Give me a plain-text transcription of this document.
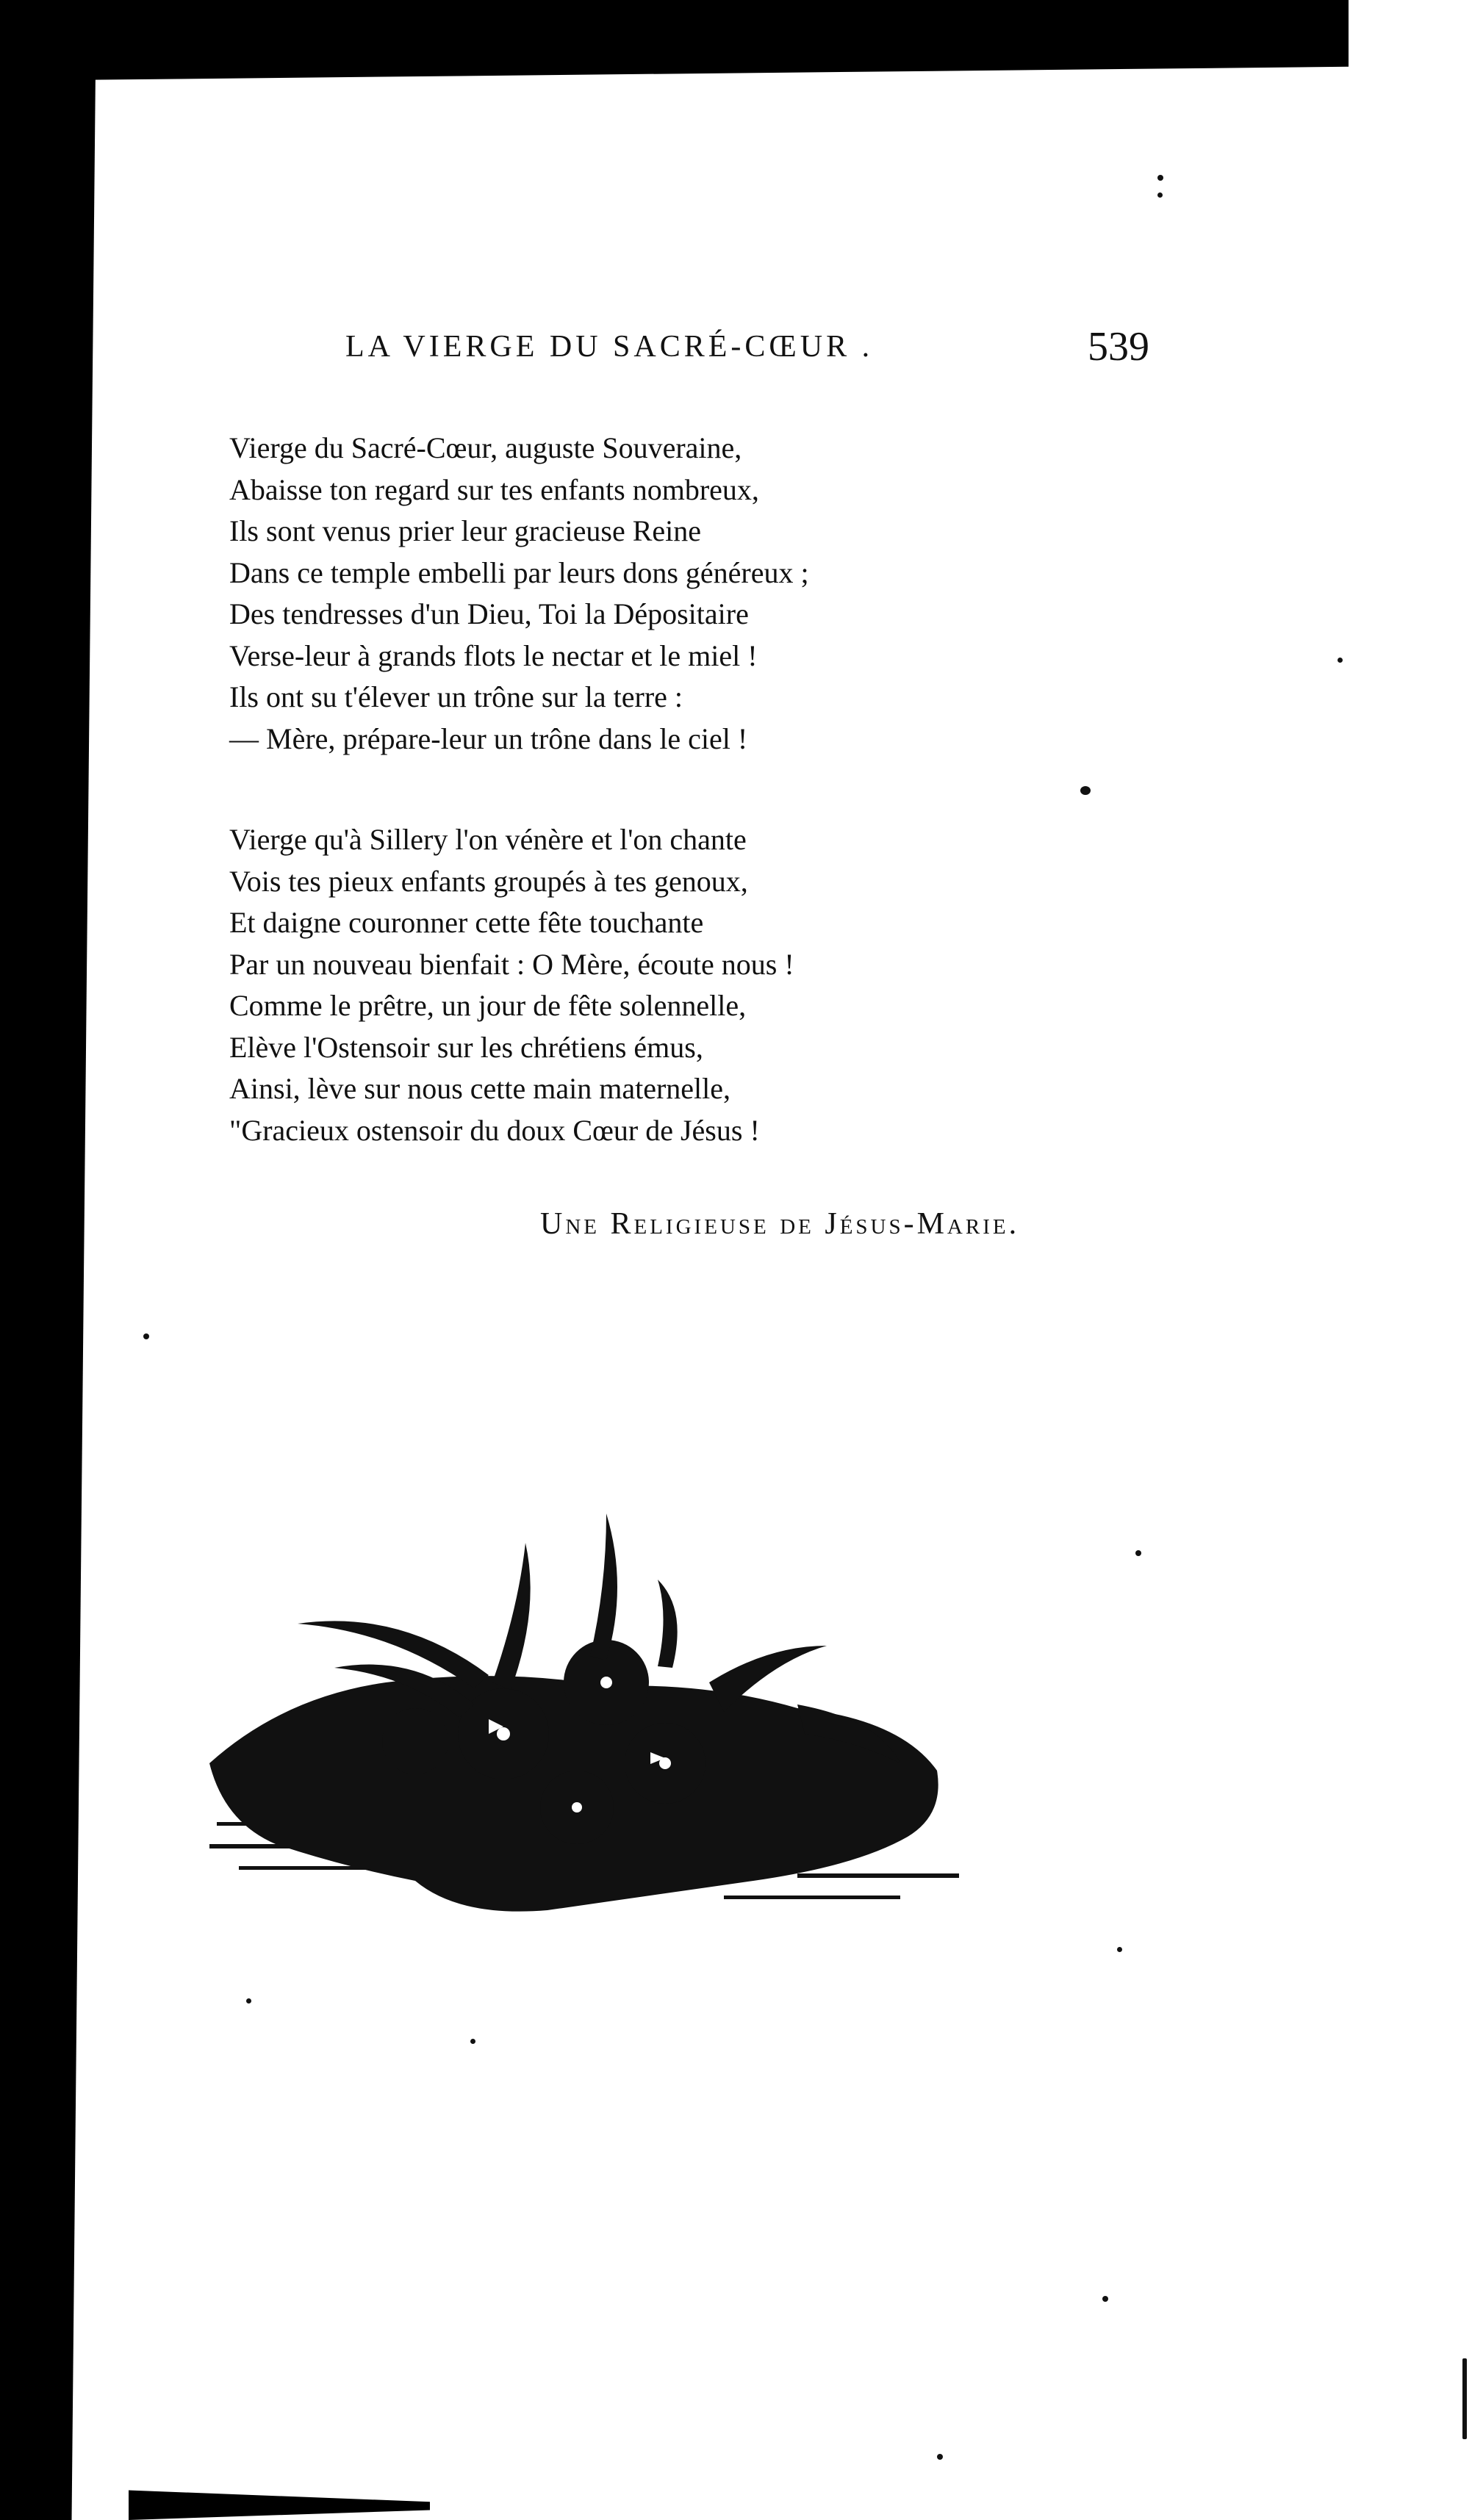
LA VIERGE DU SACRÉ-CŒUR .	539
Vierge du Sacré-Cœur, auguste Souveraine,
Abaisse ton regard sur tes enfants nombreux,
Ils sont venus prier leur gracieuse Reine
Dans ce temple embelli par leurs dons généreux ;
Des tendresses d'un Dieu, Toi la Dépositaire
Verse-leur à grands flots le nectar et le miel !
Ils ont su t'élever un trône sur la terre :
— Mère, prépare-leur un trône dans le ciel !
Vierge qu'à Sillery l'on vénère et l'on chante
Vois tes pieux enfants groupés à tes genoux,
Et daigne couronner cette fête touchante
Par un nouveau bienfait : O Mère, écoute nous !
Comme le prêtre, un jour de fête solennelle,
Elève l'Ostensoir sur les chrétiens émus,
Ainsi, lève sur nous cette main maternelle,
"Gracieux ostensoir du doux Cœur de Jésus !
Une Religieuse de Jésus-Marie.
